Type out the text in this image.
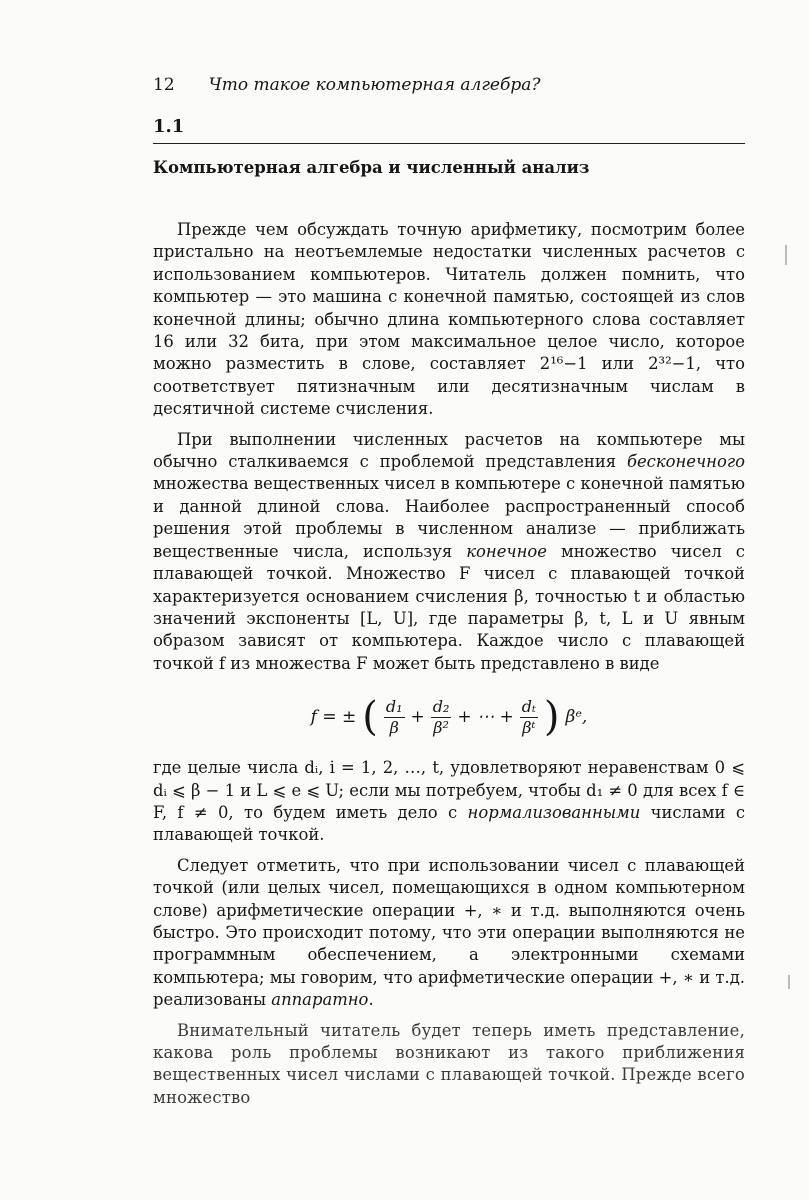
12 Что такое компьютерная алгебра?
1.1
Компьютерная алгебра и численный анализ

Прежде чем обсуждать точную арифметику, посмотрим более пристально на неотъемлемые недостатки численных расчетов с использованием компьютеров. Читатель должен помнить, что компьютер — это машина с конечной памятью, состоящей из слов конечной длины; обычно длина компьютерного слова составляет 16 или 32 бита, при этом максимальное целое число, которое можно разместить в слове, составляет 2¹⁶−1 или 2³²−1, что соответствует пятизначным или десятизначным числам в десятичной системе счисления.

При выполнении численных расчетов на компьютере мы обычно сталкиваемся с проблемой представления бесконечного множества вещественных чисел в компьютере с конечной памятью и данной длиной слова. Наиболее распространенный способ решения этой проблемы в численном анализе — приближать вещественные числа, используя конечное множество чисел с плавающей точкой. Множество F чисел с плавающей точкой характеризуется основанием счисления β, точностью t и областью значений экспоненты [L, U], где параметры β, t, L и U явным образом зависят от компьютера. Каждое число с плавающей точкой f из множества F может быть представлено в виде

f = ± ( $\frac{\text{d₁}}{\beta} + \frac{\text{d₂}}{\text{β²}}$ + ⋯ + $\frac{\text{dₜ}}{\text{βᵗ}}$ ) βᵉ,

где целые числа dᵢ, i = 1, 2, …, t, удовлетворяют неравенствам 0 ⩽ dᵢ ⩽ β − 1 и L ⩽ e ⩽ U; если мы потребуем, чтобы d₁ ≠ 0 для всех f ∈ F, f ≠ 0, то будем иметь дело с нормализованными числами с плавающей точкой.

Следует отметить, что при использовании чисел с плавающей точкой (или целых чисел, помещающихся в одном компьютерном слове) арифметические операции +, ∗ и т.д. выполняются очень быстро. Это происходит потому, что эти операции выполняются не программным обеспечением, а электронными схемами компьютера; мы говорим, что арифметические операции +, ∗ и т.д. реализованы аппаратно.

Внимательный читатель будет теперь иметь представление, какова роль проблемы возникают из такого приближения вещественных чисел числами с плавающей точкой. Прежде всего множество
